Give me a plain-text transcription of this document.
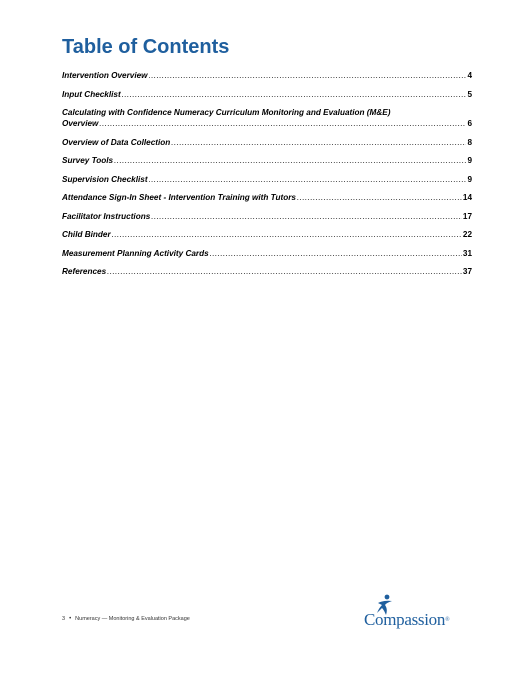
Table of Contents
Intervention Overview .....	4
Input Checklist .....	5
Calculating with Confidence Numeracy Curriculum Monitoring and Evaluation (M&E)
Overview .....	6
Overview of Data Collection .....	8
Survey Tools .....	9
Supervision Checklist .....	9
Attendance Sign-In Sheet - Intervention Training with Tutors .....	14
Facilitator Instructions .....	17
Child Binder .....	22
Measurement Planning Activity Cards .....	31
References .....	37
3 • Numeracy — Monitoring & Evaluation Package	Compassion®
